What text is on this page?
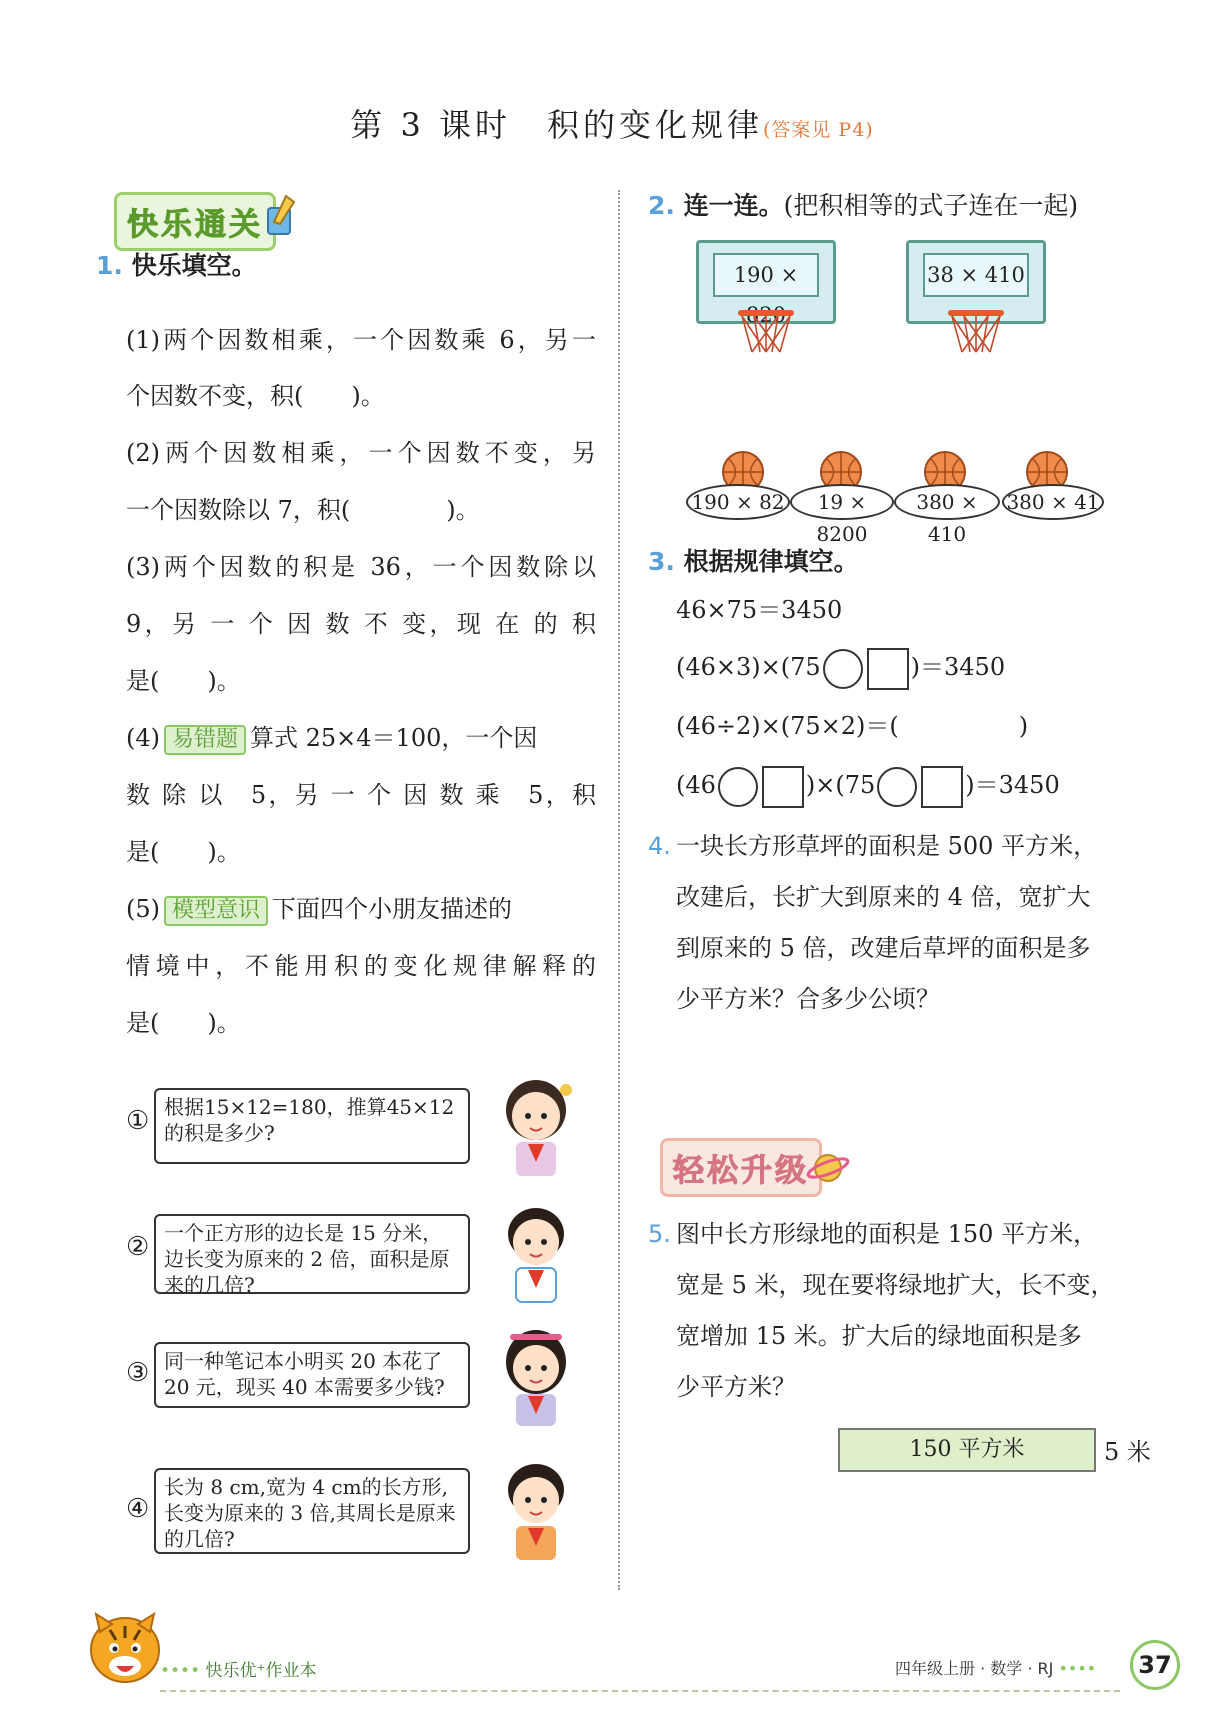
第 3 课时　积的变化规律(答案见 P4)
快乐通关
1. 快乐填空。
(1)两个因数相乘，一个因数乘 6，另一
个因数不变，积(　　)。
(2)两个因数相乘，一个因数不变，另
一个因数除以 7，积(　　　　)。
(3)两个因数的积是 36，一个因数除以
9，另 一 个 因 数 不 变，现 在 的 积
是(　　)。
(4) 易错题 算式 25×4＝100，一个因
数 除 以　5，另 一 个 因 数 乘　5，积
是(　　)。
(5) 模型意识 下面四个小朋友描述的
情境中，不能用积的变化规律解释的
是(　　)。
① 根据15×12=180，推算45×12的积是多少?
② 一个正方形的边长是 15 分米，边长变为原来的 2 倍，面积是原来的几倍?
③ 同一种笔记本小明买 20 本花了 20 元，现买 40 本需要多少钱?
④
长为 8 cm,宽为 4 cm的长方形,长变为原来的 3 倍,其周长是原来的几倍?
2. 连一连。(把积相等的式子连在一起)
190 ×	38 × 410
190 × 82	19 × 8200
380 × 410
380 × 41
3. 根据规律填空。
46×75＝3450
(46×3)×(75	)＝3450
(46÷2)×(75×2)＝(　　　　　)
(46	)×(75	)＝3450
4. 一块长方形草坪的面积是 500 平方米，
改建后，长扩大到原来的 4 倍，宽扩大
到原来的 5 倍，改建后草坪的面积是多
少平方米？合多少公顷？
轻松升级
5. 图中长方形绿地的面积是 150 平方米，
宽是 5 米，现在要将绿地扩大，长不变，
宽增加 15 米。扩大后的绿地面积是多
少平方米？
150 平方米	5 米
•••• 快乐优⁺作业本	四年级上册 · 数学 · RJ ••••	37
